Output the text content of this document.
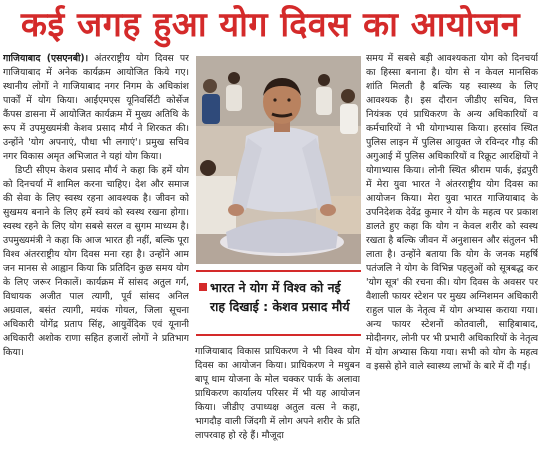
कई जगह हुआ योग दिवस का आयोजन

गाजियाबाद (एसएनबी)। अंतरराष्ट्रीय योग दिवस पर गाजियाबाद में अनेक कार्यक्रम आयोजित किये गए। स्थानीय लोगों ने गाजियाबाद नगर निगम के अधिकांश पार्कों में योग किया। आईएमएस यूनिवर्सिटी कोर्सेज कैंपस डासना में आयोजित कार्यक्रम में मुख्य अतिथि के रूप में उपमुख्यमंत्री केशव प्रसाद मौर्य ने शिरकत की। उन्होंने 'योग अपनाएं, पौधा भी लगाएं'। प्रमुख सचिव नगर विकास अमृत अभिजात ने यहां योग किया।

डिप्टी सीएम केशव प्रसाद मौर्य ने कहा कि हमें योग को दिनचर्या में शामिल करना चाहिए। देश और समाज की सेवा के लिए स्वस्थ रहना आवश्यक है। जीवन को सुखमय बनाने के लिए हमें स्वयं को स्वस्थ रखना होगा। स्वस्थ रहने के लिए योग सबसे सरल व सुगम माध्यम है। उपमुख्यमंत्री ने कहा कि आज भारत ही नहीं, बल्कि पूरा विश्व अंतरराष्ट्रीय योग दिवस मना रहा है। उन्होंने आम जन मानस से आह्वान किया कि प्रतिदिन कुछ समय योग के लिए जरूर निकालें। कार्यक्रम में सांसद अतुल गर्ग, विधायक अजीत पाल त्यागी, पूर्व सांसद अनिल अग्रवाल, बसंत त्यागी, मयंक गोयल, जिला सूचना अधिकारी योगेंद्र प्रताप सिंह, आयुर्वेदिक एवं यूनानी अधिकारी अशोक राणा सहित हजारों लोगों ने प्रतिभाग किया।

भारत ने योग में विश्व को नई राह दिखाई : केशव प्रसाद मौर्य

गाजियाबाद विकास प्राधिकरण ने भी विश्व योग दिवस का आयोजन किया। प्राधिकरण ने मधुबन बापू धाम योजना के मोल चक्कर पार्क के अलावा प्राधिकरण कार्यालय परिसर में भी यह आयोजन किया। जीडीए उपाध्यक्ष अतुल वत्स ने कहा, भागदौड़ वाली जिंदगी में लोग अपने शरीर के प्रति लापरवाह हो रहे हैं। मौजूदा

समय में सबसे बड़ी आवश्यकता योग को दिनचर्या का हिस्सा बनाना है। योग से न केवल मानसिक शांति मिलती है बल्कि यह स्वास्थ्य के लिए आवश्यक है। इस दौरान जीडीए सचिव, वित्त नियंत्रक एवं प्राधिकरण के अन्य अधिकारियों व कर्मचारियों ने भी योगाभ्यास किया। हरसांव स्थित पुलिस लाइन में पुलिस आयुक्त जे रविन्दर गौड़ की अगुआई में पुलिस अधिकारियों व रिक्रूट आरक्षियों ने योगाभ्यास किया। लोनी स्थित श्रीराम पार्क, इंद्रपुरी में मेरा युवा भारत ने अंतरराष्ट्रीय योग दिवस का आयोजन किया। मेरा युवा भारत गाजियाबाद के उपनिदेशक देवेंद्र कुमार ने योग के महत्व पर प्रकाश डालते हुए कहा कि योग न केवल शरीर को स्वस्थ रखता है बल्कि जीवन में अनुशासन और संतुलन भी लाता है। उन्होंने बताया कि योग के जनक महर्षि पतंजलि ने योग के विभिन्न पहलुओं को सूत्रबद्ध कर 'योग सूत्र' की रचना की। योग दिवस के अवसर पर वैशाली फायर स्टेशन पर मुख्य अग्निशमन अधिकारी राहुल पाल के नेतृत्व में योग अभ्यास कराया गया। अन्य फायर स्टेशनों कोतवाली, साहिबाबाद, मोदीनगर, लोनी पर भी प्रभारी अधिकारियों के नेतृत्व में योग अभ्यास किया गया। सभी को योग के महत्व व इससे होने वाले स्वास्थ्य लाभों के बारे में दी गई।
